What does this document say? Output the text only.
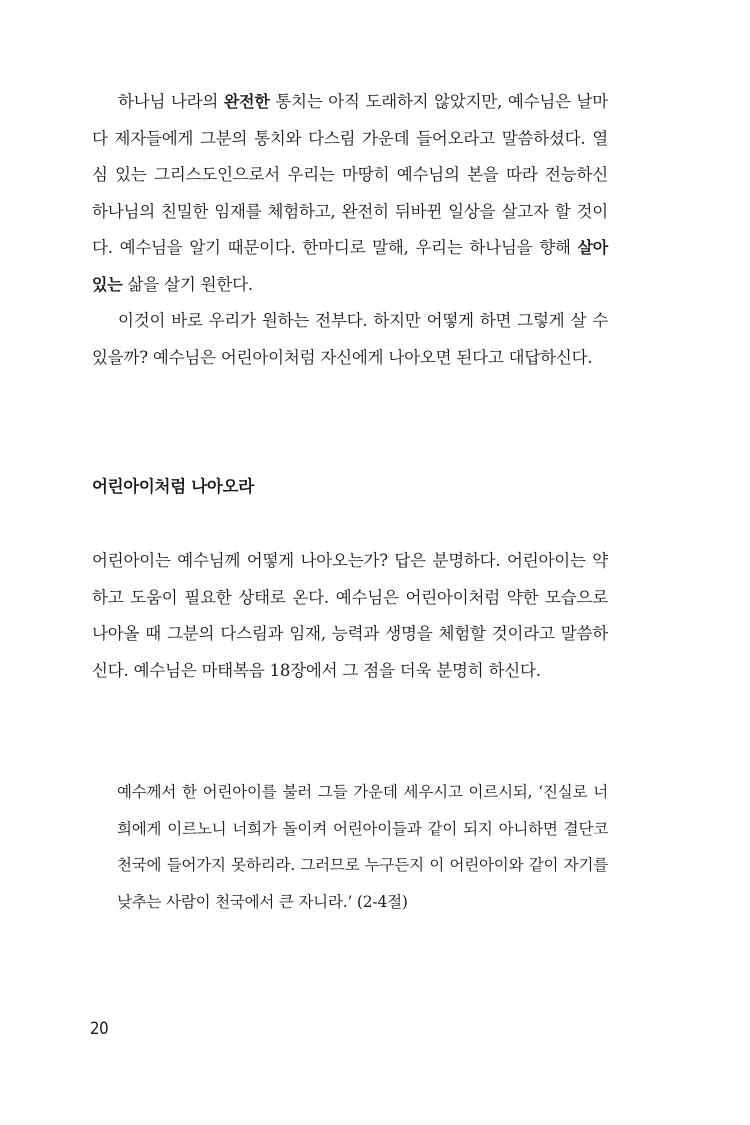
하나님 나라의 완전한 통치는 아직 도래하지 않았지만, 예수님은 날마다 제자들에게 그분의 통치와 다스림 가운데 들어오라고 말씀하셨다. 열심 있는 그리스도인으로서 우리는 마땅히 예수님의 본을 따라 전능하신 하나님의 친밀한 임재를 체험하고, 완전히 뒤바뀐 일상을 살고자 할 것이다. 예수님을 알기 때문이다. 한마디로 말해, 우리는 하나님을 향해 살아 있는 삶을 살기 원한다.

이것이 바로 우리가 원하는 전부다. 하지만 어떻게 하면 그렇게 살 수 있을까? 예수님은 어린아이처럼 자신에게 나아오면 된다고 대답하신다.

어린아이처럼 나아오라

어린아이는 예수님께 어떻게 나아오는가? 답은 분명하다. 어린아이는 약하고 도움이 필요한 상태로 온다. 예수님은 어린아이처럼 약한 모습으로 나아올 때 그분의 다스림과 임재, 능력과 생명을 체험할 것이라고 말씀하신다. 예수님은 마태복음 18장에서 그 점을 더욱 분명히 하신다.

예수께서 한 어린아이를 불러 그들 가운데 세우시고 이르시되, ‘진실로 너희에게 이르노니 너희가 돌이켜 어린아이들과 같이 되지 아니하면 결단코 천국에 들어가지 못하리라. 그러므로 누구든지 이 어린아이와 같이 자기를 낮추는 사람이 천국에서 큰 자니라.’ (2-4절)

20
